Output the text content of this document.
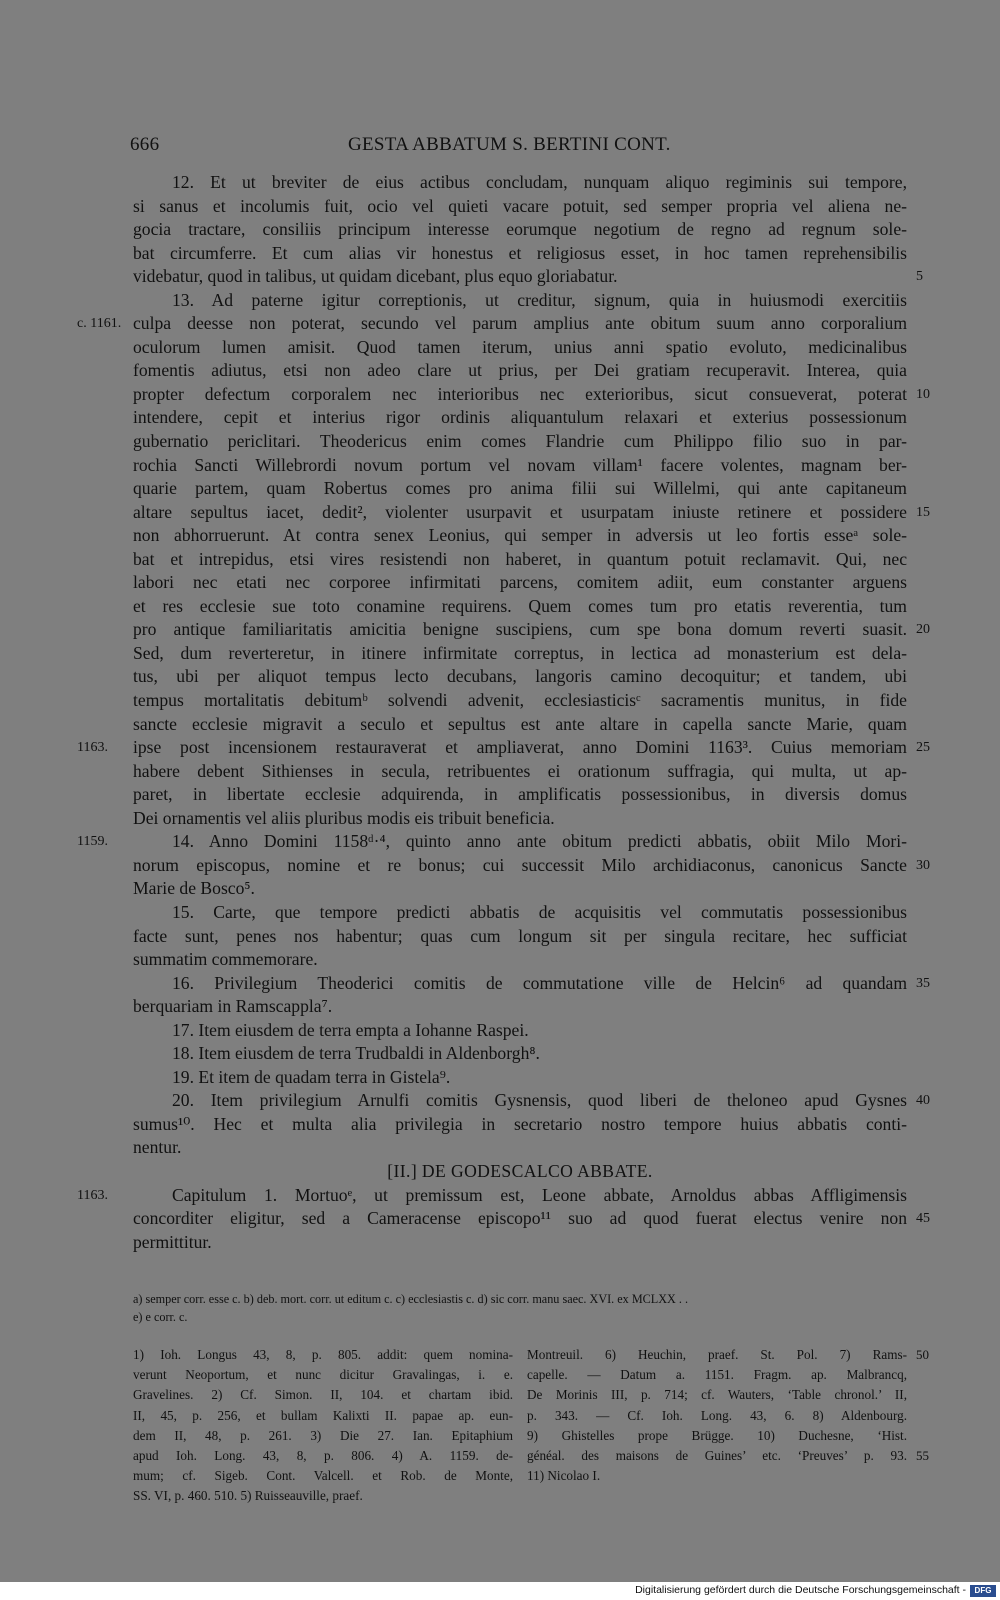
666	GESTA ABBATUM S. BERTINI CONT.
12. Et ut breviter de eius actibus concludam, nunquam aliquo regiminis sui tempore,
si sanus et incolumis fuit, ocio vel quieti vacare potuit, sed semper propria vel aliena ne-
gocia tractare, consiliis principum interesse eorumque negotium de regno ad regnum sole-
bat circumferre. Et cum alias vir honestus et religiosus esset, in hoc tamen reprehensibilis
videbatur, quod in talibus, ut quidam dicebant, plus equo gloriabatur.	5
13. Ad paterne igitur correptionis, ut creditur, signum, quia in huiusmodi exercitiis
culpa deesse non poterat, secundo vel parum amplius ante obitum suum anno corporalium
c. 1161.
oculorum lumen amisit. Quod tamen iterum, unius anni spatio evoluto, medicinalibus
fomentis adiutus, etsi non adeo clare ut prius, per Dei gratiam recuperavit. Interea, quia
propter defectum corporalem nec interioribus nec exterioribus, sicut consueverat, poterat 10
intendere, cepit et interius rigor ordinis aliquantulum relaxari et exterius possessionum
gubernatio periclitari. Theodericus enim comes Flandrie cum Philippo filio suo in par-
rochia Sancti Willebrordi novum portum vel novam villam¹ facere volentes, magnam ber-
quarie partem, quam Robertus comes pro anima filii sui Willelmi, qui ante capitaneum
altare sepultus iacet, dedit², violenter usurpavit et usurpatam iniuste retinere et possidere 15
non abhorruerunt. At contra senex Leonius, qui semper in adversis ut leo fortis esseᵃ sole-
bat et intrepidus, etsi vires resistendi non haberet, in quantum potuit reclamavit. Qui, nec
labori nec etati nec corporee infirmitati parcens, comitem adiit, eum constanter arguens
et res ecclesie sue toto conamine requirens. Quem comes tum pro etatis reverentia, tum
pro antique familiaritatis amicitia benigne suscipiens, cum spe bona domum reverti suasit. 20
Sed, dum reverteretur, in itinere infirmitate correptus, in lectica ad monasterium est dela-
tus, ubi per aliquot tempus lecto decubans, langoris camino decoquitur; et tandem, ubi
tempus mortalitatis debitumᵇ solvendi advenit, ecclesiasticisᶜ sacramentis munitus, in fide
sancte ecclesie migravit a seculo et sepultus est ante altare in capella sancte Marie, quam
ipse post incensionem restauraverat et ampliaverat, anno Domini 1163³. Cuius memoriam
1163.	25
habere debent Sithienses in secula, retribuentes ei orationum suffragia, qui multa, ut ap-
paret, in libertate ecclesie adquirenda, in amplificatis possessionibus, in diversis domus
Dei ornamentis vel aliis pluribus modis eis tribuit beneficia.
14. Anno Domini 1158ᵈ·⁴, quinto anno ante obitum predicti abbatis, obiit Milo Mori-
1159.
norum episcopus, nomine et re bonus; cui successit Milo archidiaconus, canonicus Sancte 30
Marie de Bosco⁵.
15. Carte, que tempore predicti abbatis de acquisitis vel commutatis possessionibus
facte sunt, penes nos habentur; quas cum longum sit per singula recitare, hec sufficiat
summatim commemorare.
16. Privilegium Theoderici comitis de commutatione ville de Helcin⁶ ad quandam 35
berquariam in Ramscappla⁷.
17. Item eiusdem de terra empta a Iohanne Raspei.
18. Item eiusdem de terra Trudbaldi in Aldenborgh⁸.
19. Et item de quadam terra in Gistela⁹.
20. Item privilegium Arnulfi comitis Gysnensis, quod liberi de theloneo apud Gysnes 40
sumus¹⁰. Hec et multa alia privilegia in secretario nostro tempore huius abbatis conti-
nentur.
[II.] DE GODESCALCO ABBATE.
Capitulum 1. Mortuoᵉ, ut premissum est, Leone abbate, Arnoldus abbas Affligimensis
1163.
concorditer eligitur, sed a Cameracense episcopo¹¹ suo ad quod fuerat electus venire non 45
permittitur.
a) semper corr. esse c. b) deb. mort. corr. ut editum c. c) ecclesiastis c. d) sic corr. manu saec. XVI. ex MCLXX . .
e) e corr. c.
1) Ioh. Longus 43, 8, p. 805. addit: quem nomina-
verunt Neoportum, et nunc dicitur Gravalingas, i. e.
Gravelines. 2) Cf. Simon. II, 104. et chartam ibid.
II, 45, p. 256, et bullam Kalixti II. papae ap. eun-
dem II, 48, p. 261. 3) Die 27. Ian. Epitaphium
apud Ioh. Long. 43, 8, p. 806. 4) A. 1159. de-
mum; cf. Sigeb. Cont. Valcell. et Rob. de Monte,
SS. VI, p. 460. 510. 5) Ruisseauville, praef.
Montreuil. 6) Heuchin, praef. St. Pol. 7) Rams-
capelle. — Datum a. 1151. Fragm. ap. Malbrancq,
De Morinis III, p. 714; cf. Wauters, ‘Table chronol.’ II,
p. 343. — Cf. Ioh. Long. 43, 6. 8) Aldenbourg.
9) Ghistelles prope Brügge. 10) Duchesne, ‘Hist.
généal. des maisons de Guines’ etc. ‘Preuves’ p. 93.
11) Nicolao I.
50
55
Digitalisierung gefördert durch die Deutsche Forschungsgemeinschaft -	DFG
